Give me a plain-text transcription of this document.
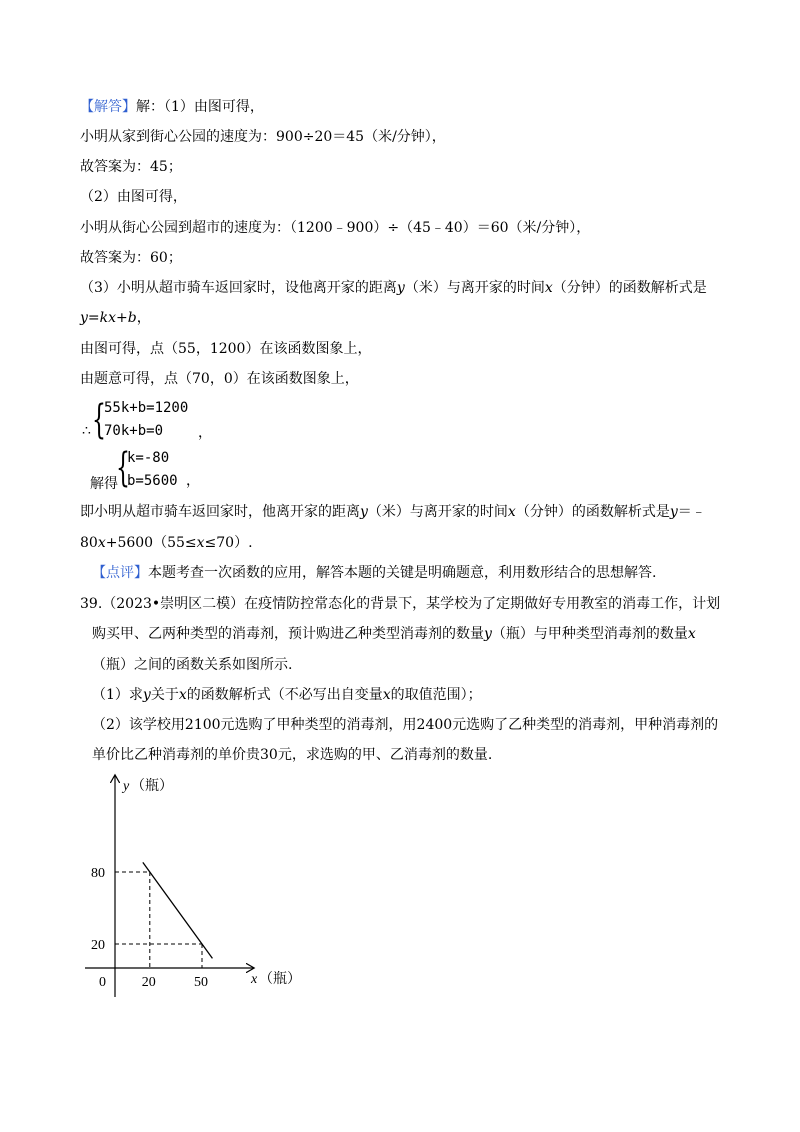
【解答】解：（1）由图可得，
小明从家到街心公园的速度为：900÷20＝45（米/分钟），
故答案为：45；
（2）由图可得，
小明从街心公园到超市的速度为：（1200﹣900）÷（45﹣40）＝60（米/分钟），
故答案为：60；
（3）小明从超市骑车返回家时，设他离开家的距离y（米）与离开家的时间x（分钟）的函数解析式是
y=kx+b，
由图可得，点（55，1200）在该函数图象上，
由题意可得，点（70，0）在该函数图象上，
∴ {
55k+b=1200
70k+b=0 ，
解得
{
k=-80
b=5600 ，
即小明从超市骑车返回家时，他离开家的距离y（米）与离开家的时间x（分钟）的函数解析式是y＝﹣
80x+5600（55≤x≤70）.
【点评】本题考查一次函数的应用，解答本题的关键是明确题意，利用数形结合的思想解答.
39.（2023•崇明区二模）在疫情防控常态化的背景下，某学校为了定期做好专用教室的消毒工作，计划
购买甲、乙两种类型的消毒剂，预计购进乙种类型消毒剂的数量y（瓶）与甲种类型消毒剂的数量x
（瓶）之间的函数关系如图所示.
（1）求y关于x的函数解析式（不必写出自变量x的取值范围）；
（2）该学校用2100元选购了甲种类型的消毒剂，用2400元选购了乙种类型的消毒剂，甲种消毒剂的
单价比乙种消毒剂的单价贵30元，求选购的甲、乙消毒剂的数量.
y （瓶）
x （瓶）
0	20	50
80
20
